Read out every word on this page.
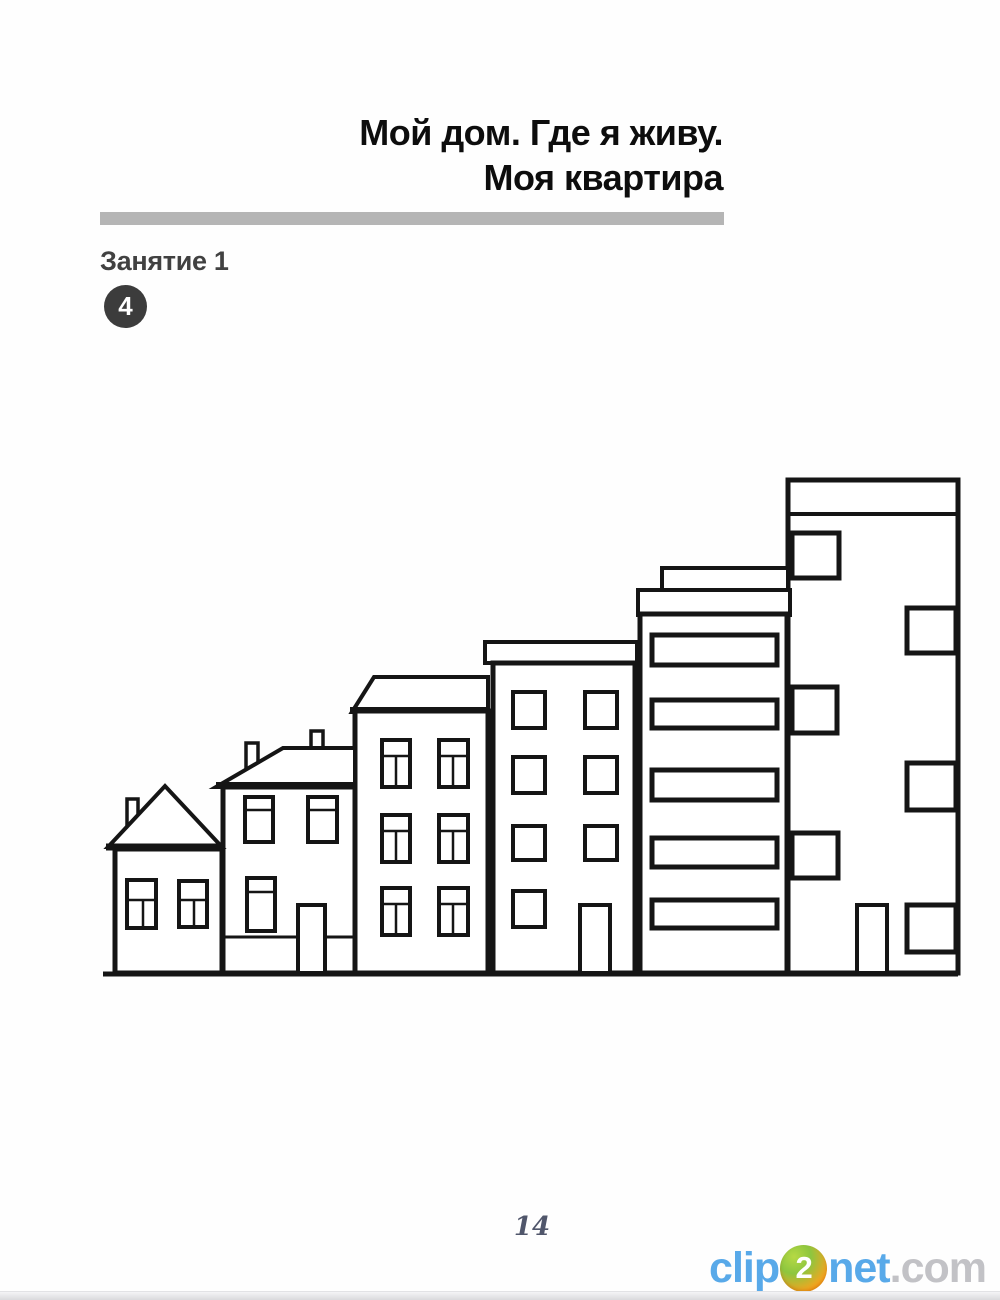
Мой дом. Где я живу.
Моя квартира
Занятие 1
4
14
clip 2 net .com
